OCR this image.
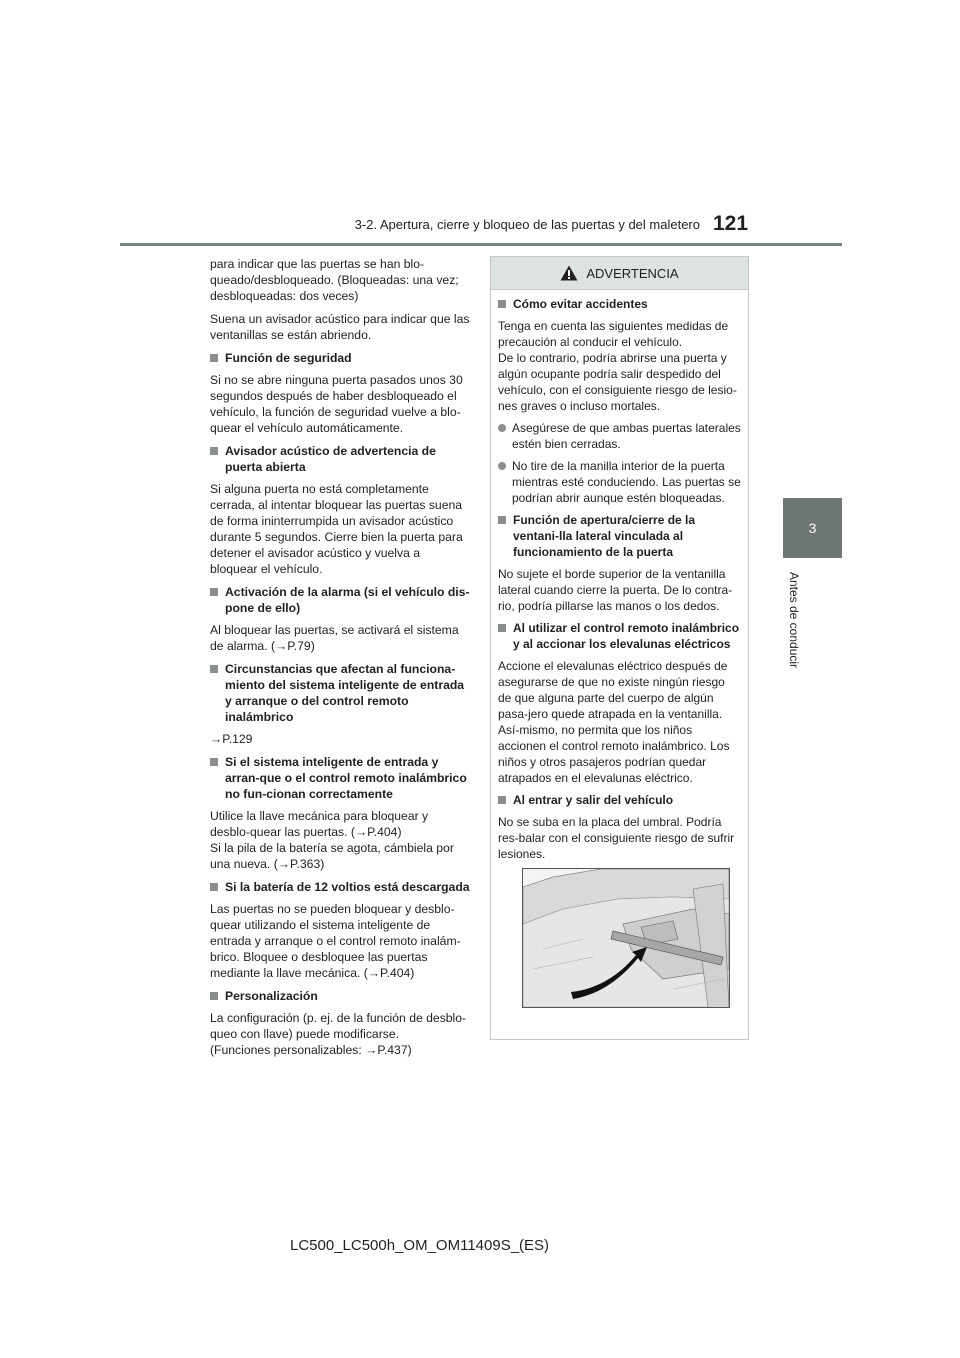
3-2. Apertura, cierre y bloqueo de las puertas y del maletero 121
3
Antes de conducir

para indicar que las puertas se han blo-queado/desbloqueado. (Bloqueadas: una vez; desbloqueadas: dos veces)

Suena un avisador acústico para indicar que las ventanillas se están abriendo.

Función de seguridad

Si no se abre ninguna puerta pasados unos 30 segundos después de haber desbloqueado el vehículo, la función de seguridad vuelve a blo-quear el vehículo automáticamente.

Avisador acústico de advertencia de puerta abierta

Si alguna puerta no está completamente cerrada, al intentar bloquear las puertas suena de forma ininterrumpida un avisador acústico durante 5 segundos. Cierre bien la puerta para detener el avisador acústico y vuelva a bloquear el vehículo.

Activación de la alarma (si el vehículo dis-pone de ello)

Al bloquear las puertas, se activará el sistema de alarma. (→P.79)

Circunstancias que afectan al funciona-miento del sistema inteligente de entrada y arranque o del control remoto inalámbrico

→P.129

Si el sistema inteligente de entrada y arran-que o el control remoto inalámbrico no fun-cionan correctamente

Utilice la llave mecánica para bloquear y desblo-quear las puertas. (→P.404)

Si la pila de la batería se agota, cámbiela por una nueva. (→P.363)

Si la batería de 12 voltios está descargada

Las puertas no se pueden bloquear y desblo-quear utilizando el sistema inteligente de entrada y arranque o el control remoto inalám-brico. Bloquee o desbloquee las puertas mediante la llave mecánica. (→P.404)

Personalización

La configuración (p. ej. de la función de desblo-queo con llave) puede modificarse.

(Funciones personalizables: →P.437)

ADVERTENCIA
Cómo evitar accidentes

Tenga en cuenta las siguientes medidas de precaución al conducir el vehículo.

De lo contrario, podría abrirse una puerta y algún ocupante podría salir despedido del vehículo, con el consiguiente riesgo de lesio-nes graves o incluso mortales.

Asegúrese de que ambas puertas laterales estén bien cerradas.
No tire de la manilla interior de la puerta mientras esté conduciendo. Las puertas se podrían abrir aunque estén bloqueadas.
Función de apertura/cierre de la ventani-lla lateral vinculada al funcionamiento de la puerta

No sujete el borde superior de la ventanilla lateral cuando cierre la puerta. De lo contra-rio, podría pillarse las manos o los dedos.

Al utilizar el control remoto inalámbrico y al accionar los elevalunas eléctricos

Accione el elevalunas eléctrico después de asegurarse de que no existe ningún riesgo de que alguna parte del cuerpo de algún pasa-jero quede atrapada en la ventanilla. Así-mismo, no permita que los niños accionen el control remoto inalámbrico. Los niños y otros pasajeros podrían quedar atrapados en el elevalunas eléctrico.

Al entrar y salir del vehículo

No se suba en la placa del umbral. Podría res-balar con el consiguiente riesgo de sufrir lesiones.

LC500_LC500h_OM_OM11409S_(ES)
